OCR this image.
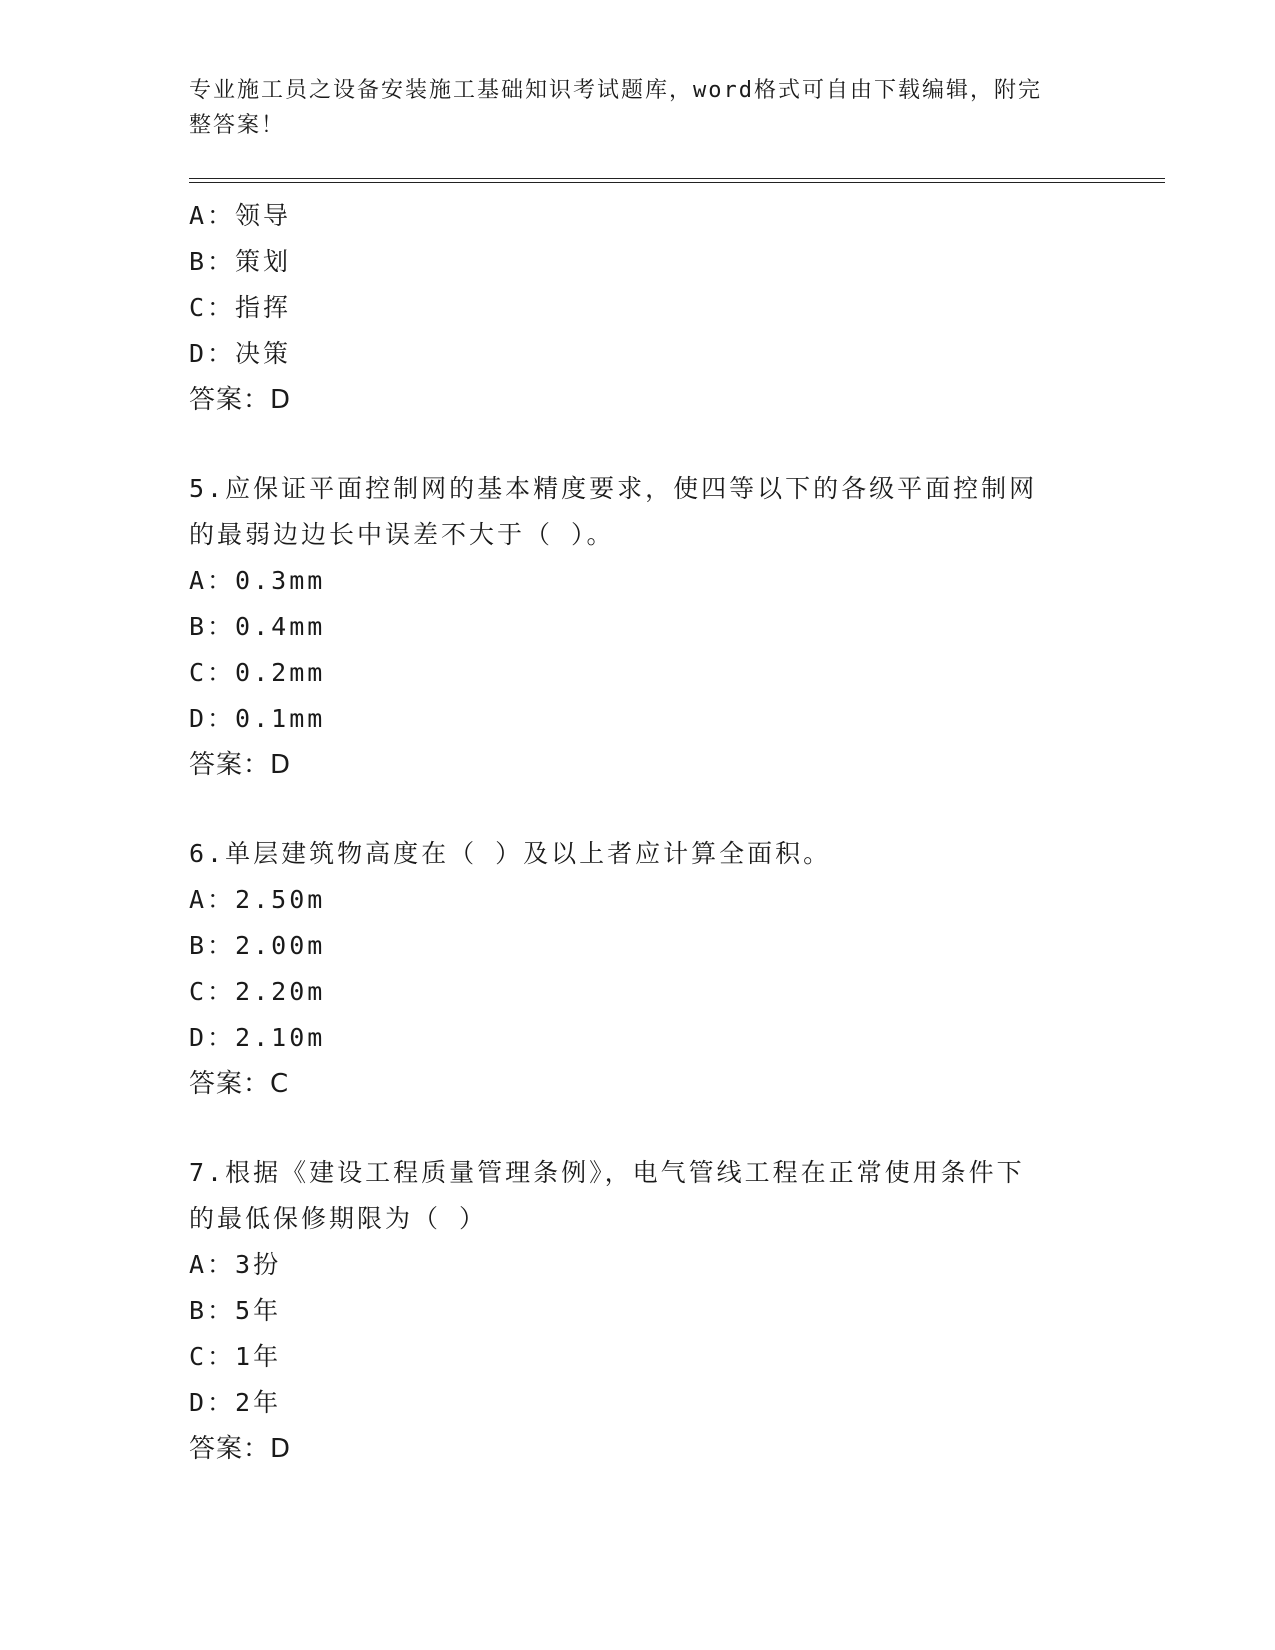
专业施工员之设备安装施工基础知识考试题库，word格式可自由下载编辑，附完
整答案！
A：领导
B：策划
C：指挥
D：决策
答案：D
5.应保证平面控制网的基本精度要求，使四等以下的各级平面控制网
的最弱边边长中误差不大于（ ）。
A：0.3mm
B：0.4mm
C：0.2mm
D：0.1mm
答案：D
6.单层建筑物高度在（ ）及以上者应计算全面积。
A：2.50m
B：2.00m
C：2.20m
D：2.10m
答案：C
7.根据《建设工程质量管理条例》，电气管线工程在正常使用条件下
的最低保修期限为（ ）
A：3扮
B：5年
C：1年
D：2年
答案：D
